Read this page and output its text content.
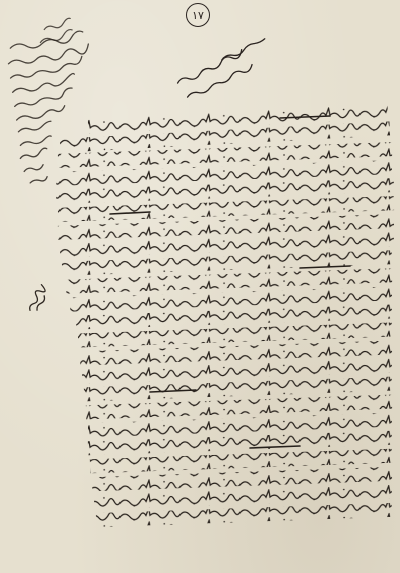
١٧
